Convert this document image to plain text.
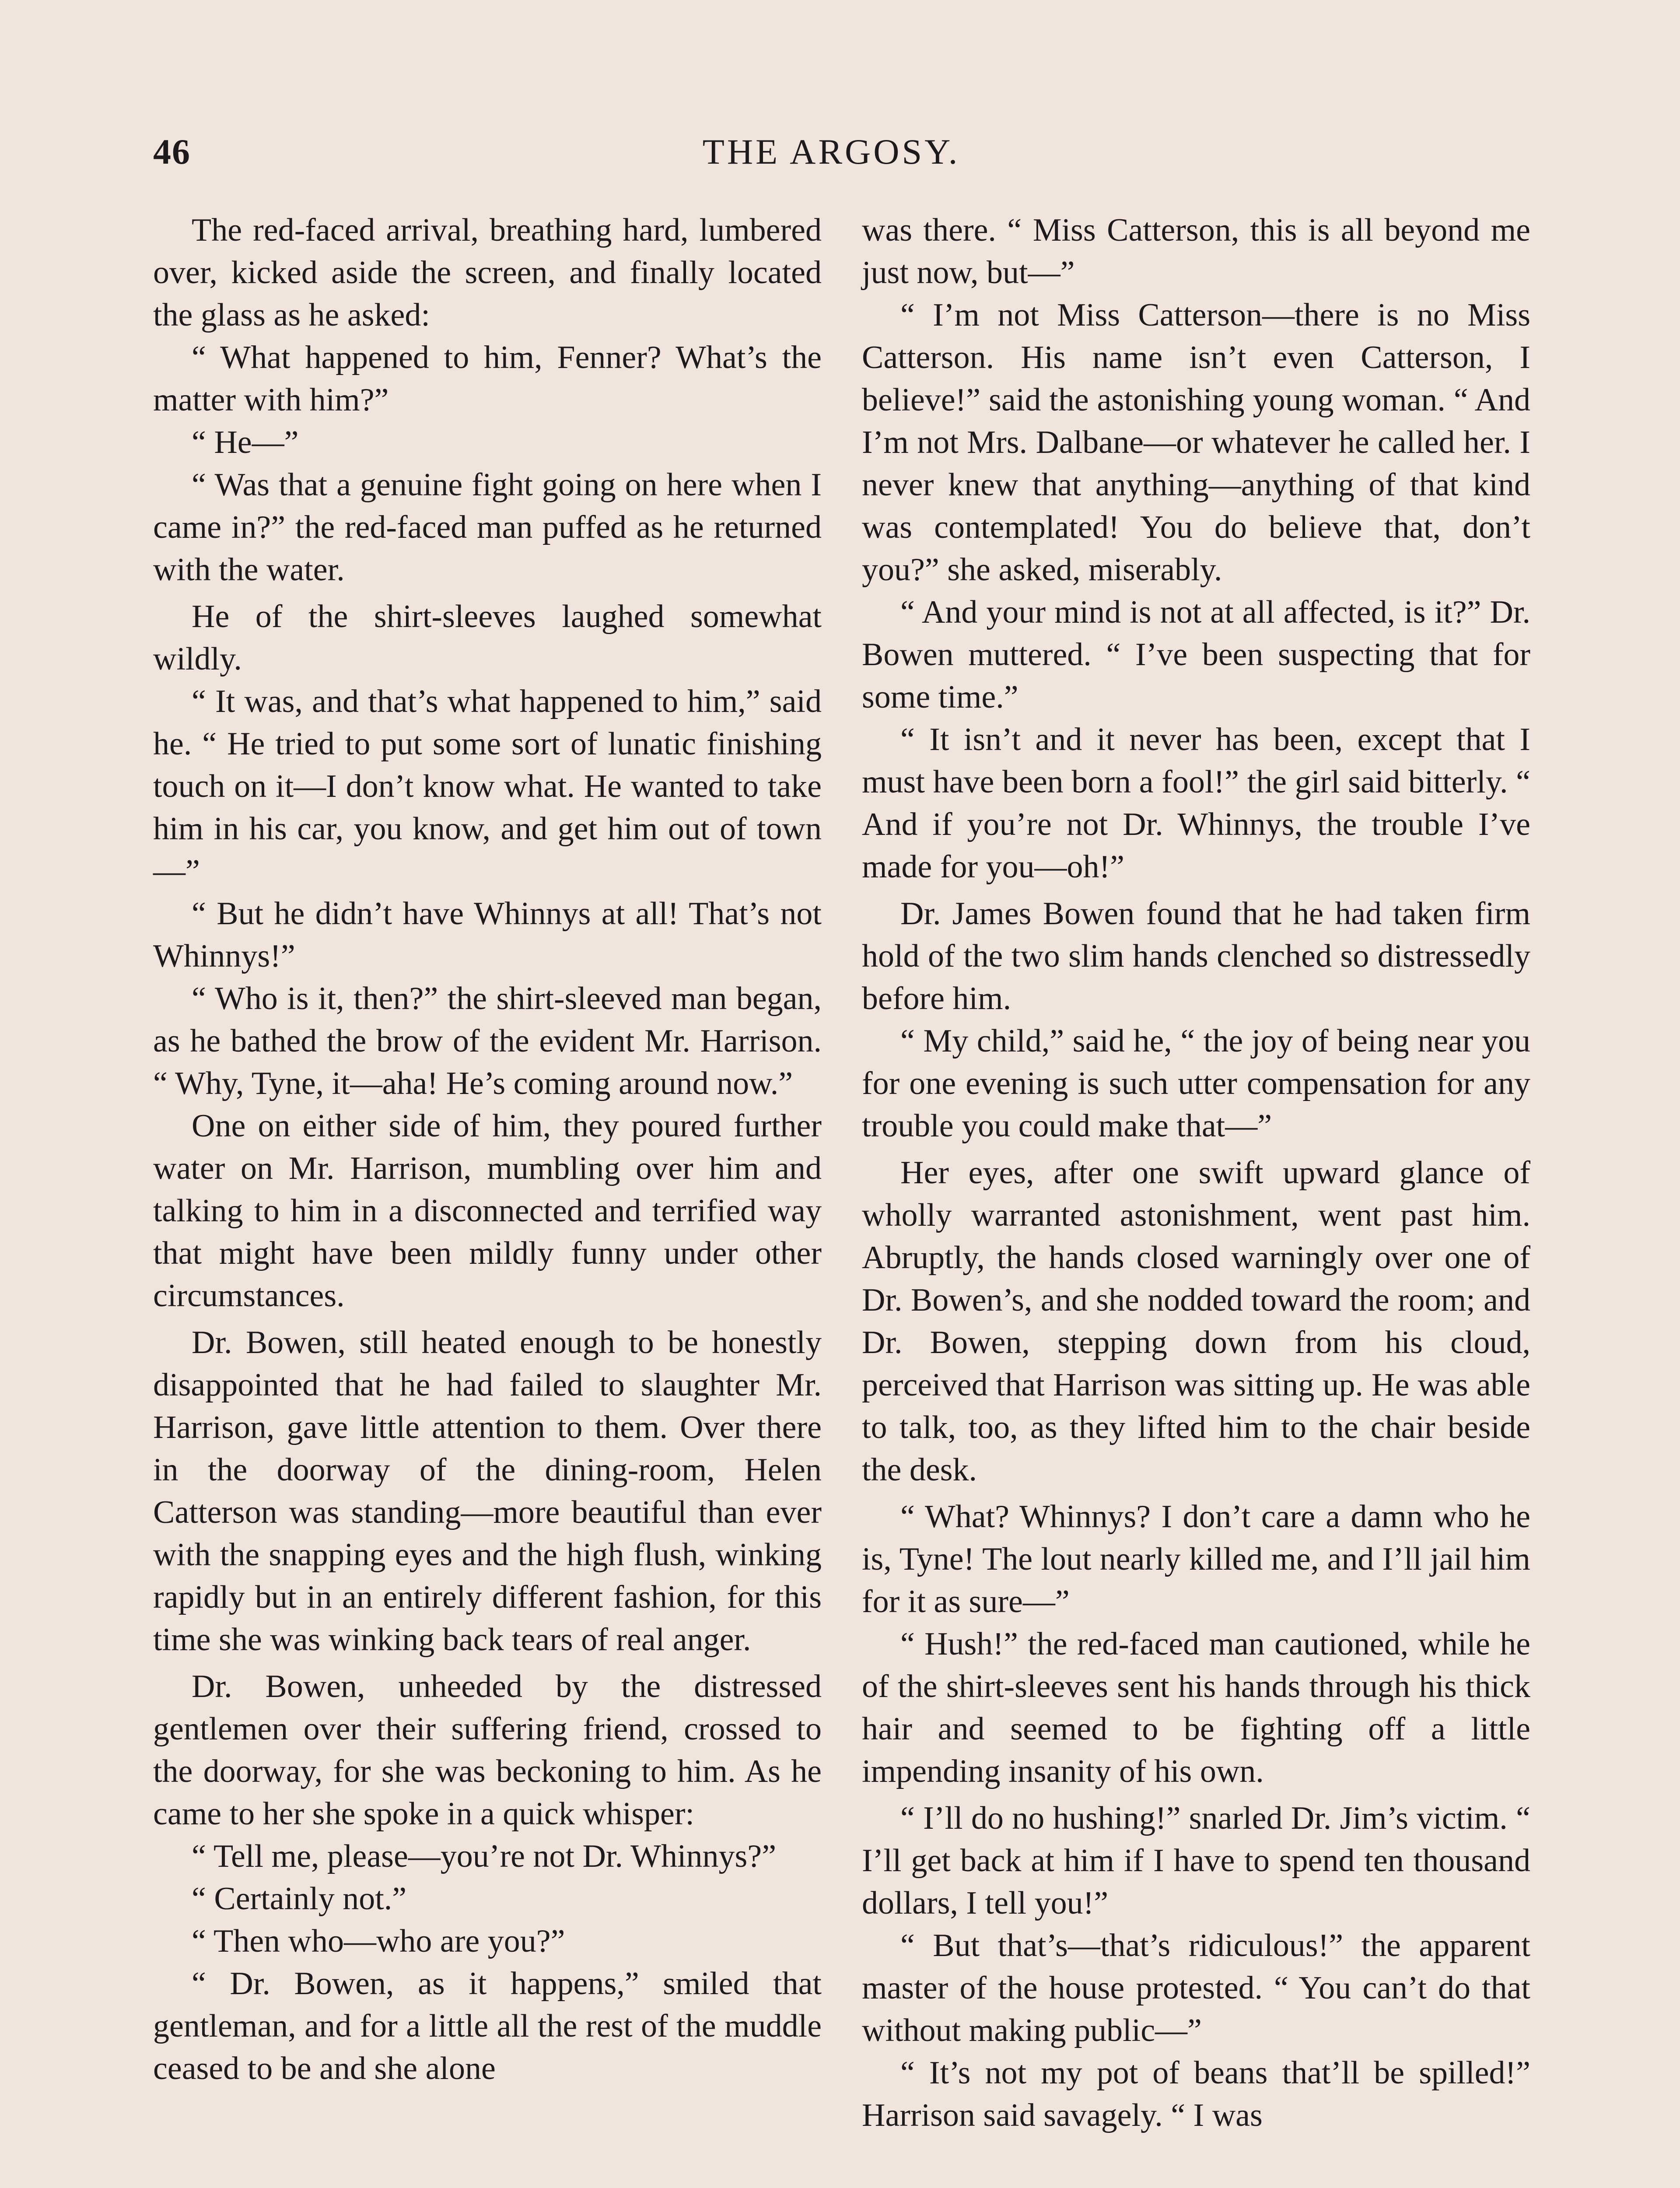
46	THE ARGOSY.

The red-faced arrival, breathing hard, lumbered over, kicked aside the screen, and finally located the glass as he asked:

“ What happened to him, Fenner? What’s the matter with him?”

“ He—”

“ Was that a genuine fight going on here when I came in?” the red-faced man puffed as he returned with the water.

He of the shirt-sleeves laughed somewhat wildly.

“ It was, and that’s what happened to him,” said he. “ He tried to put some sort of lunatic finishing touch on it—I don’t know what. He wanted to take him in his car, you know, and get him out of town—”

“ But he didn’t have Whinnys at all! That’s not Whinnys!”

“ Who is it, then?” the shirt-sleeved man began, as he bathed the brow of the evident Mr. Harrison. “ Why, Tyne, it—aha! He’s coming around now.”

One on either side of him, they poured further water on Mr. Harrison, mumbling over him and talking to him in a disconnected and terrified way that might have been mildly funny under other circumstances.

Dr. Bowen, still heated enough to be honestly disappointed that he had failed to slaughter Mr. Harrison, gave little attention to them. Over there in the doorway of the dining-room, Helen Catterson was standing—more beautiful than ever with the snapping eyes and the high flush, winking rapidly but in an entirely different fashion, for this time she was winking back tears of real anger.

Dr. Bowen, unheeded by the distressed gentlemen over their suffering friend, crossed to the doorway, for she was beckoning to him. As he came to her she spoke in a quick whisper:

“ Tell me, please—you’re not Dr. Whinnys?”

“ Certainly not.”

“ Then who—who are you?”

“ Dr. Bowen, as it happens,” smiled that gentleman, and for a little all the rest of the muddle ceased to be and she alone

was there. “ Miss Catterson, this is all beyond me just now, but—”

“ I’m not Miss Catterson—there is no Miss Catterson. His name isn’t even Catterson, I believe!” said the astonishing young woman. “ And I’m not Mrs. Dalbane—or whatever he called her. I never knew that anything—anything of that kind was contemplated! You do believe that, don’t you?” she asked, miserably.

“ And your mind is not at all affected, is it?” Dr. Bowen muttered. “ I’ve been suspecting that for some time.”

“ It isn’t and it never has been, except that I must have been born a fool!” the girl said bitterly. “ And if you’re not Dr. Whinnys, the trouble I’ve made for you—oh!”

Dr. James Bowen found that he had taken firm hold of the two slim hands clenched so distressedly before him.

“ My child,” said he, “ the joy of being near you for one evening is such utter compensation for any trouble you could make that—”

Her eyes, after one swift upward glance of wholly warranted astonishment, went past him. Abruptly, the hands closed warningly over one of Dr. Bowen’s, and she nodded toward the room; and Dr. Bowen, stepping down from his cloud, perceived that Harrison was sitting up. He was able to talk, too, as they lifted him to the chair beside the desk.

“ What? Whinnys? I don’t care a damn who he is, Tyne! The lout nearly killed me, and I’ll jail him for it as sure—”

“ Hush!” the red-faced man cautioned, while he of the shirt-sleeves sent his hands through his thick hair and seemed to be fighting off a little impending insanity of his own.

“ I’ll do no hushing!” snarled Dr. Jim’s victim. “ I’ll get back at him if I have to spend ten thousand dollars, I tell you!”

“ But that’s—that’s ridiculous!” the apparent master of the house protested. “ You can’t do that without making public—”

“ It’s not my pot of beans that’ll be spilled!” Harrison said savagely. “ I was
